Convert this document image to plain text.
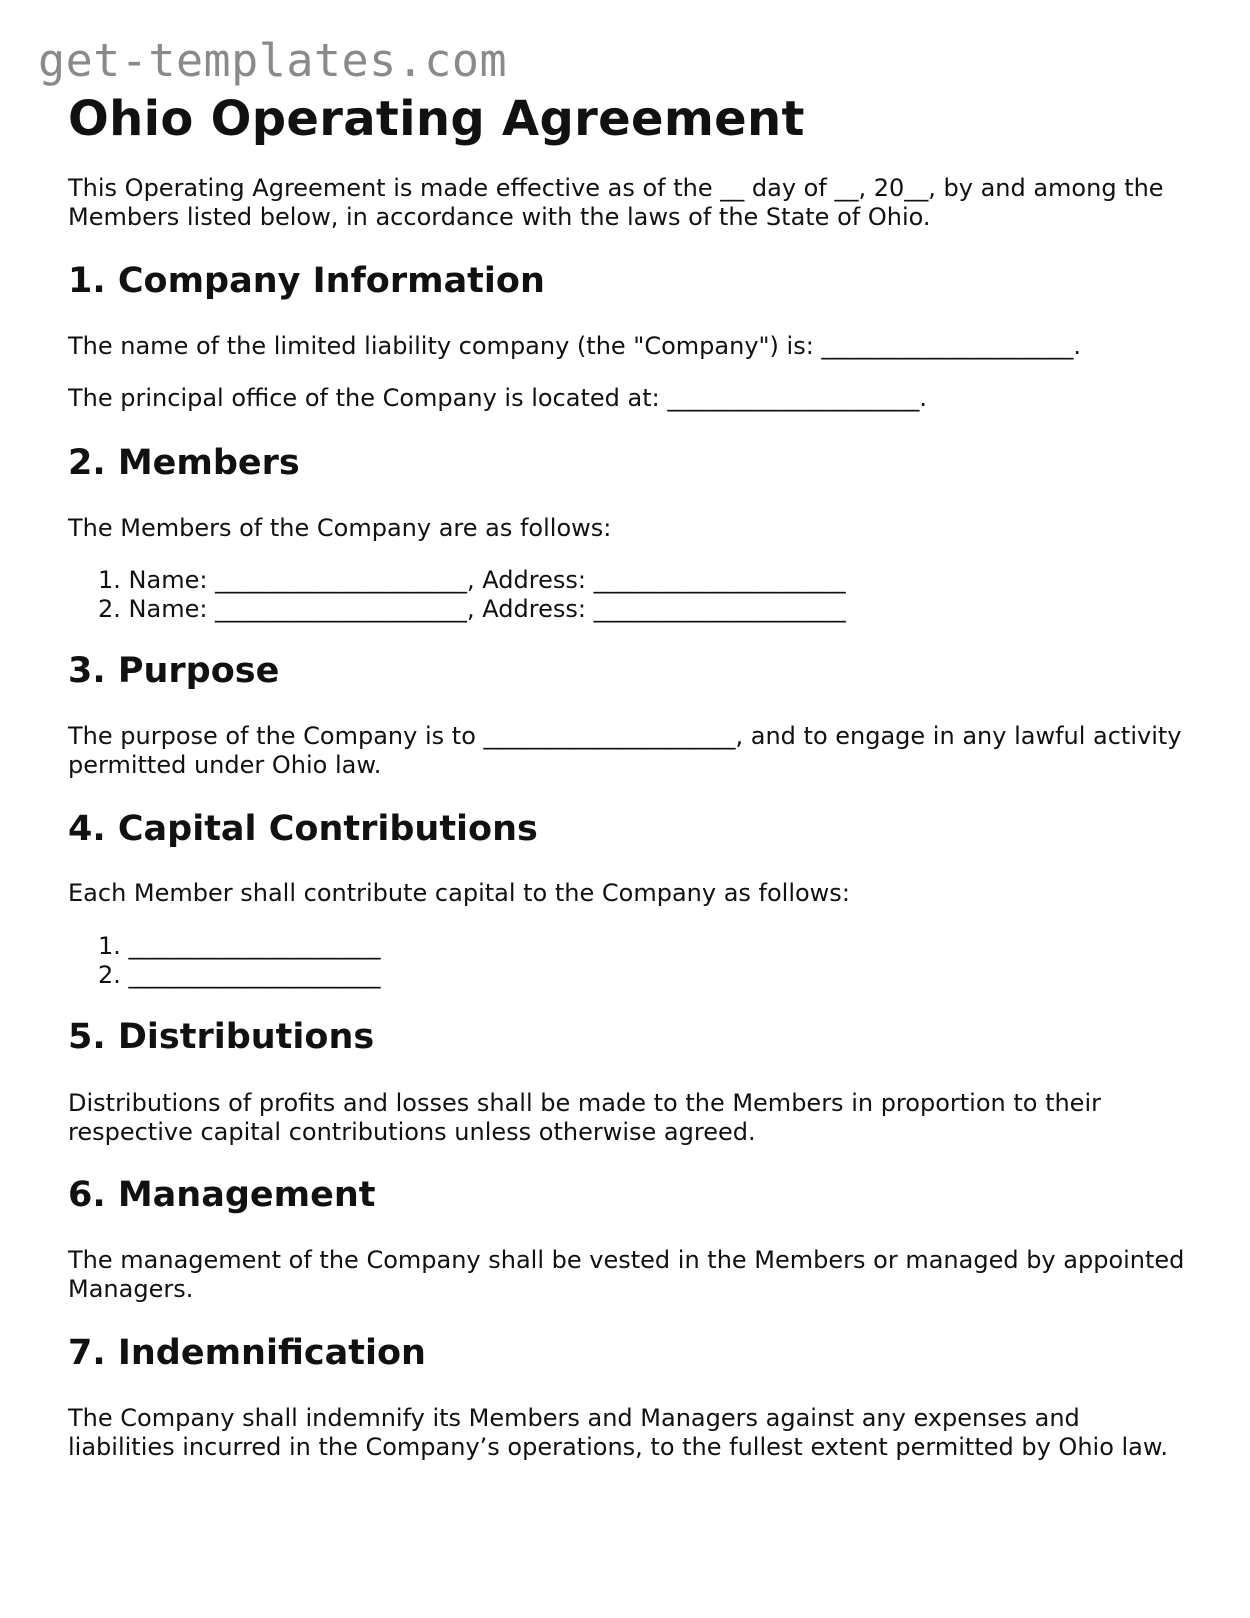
get-templates.com
Ohio Operating Agreement

This Operating Agreement is made effective as of the __ day of __, 20__, by and among the Members listed below, in accordance with the laws of the State of Ohio.

1. Company Information

The name of the limited liability company (the "Company") is: _____________________.

The principal office of the Company is located at: _____________________.

2. Members

The Members of the Company are as follows:

1. Name: _____________________, Address: _____________________
2. Name: _____________________, Address: _____________________
3. Purpose

The purpose of the Company is to _____________________, and to engage in any lawful activity permitted under Ohio law.

4. Capital Contributions

Each Member shall contribute capital to the Company as follows:

1. _____________________
2. _____________________
5. Distributions

Distributions of profits and losses shall be made to the Members in proportion to their respective capital contributions unless otherwise agreed.

6. Management

The management of the Company shall be vested in the Members or managed by appointed Managers.

7. Indemnification

The Company shall indemnify its Members and Managers against any expenses and liabilities incurred in the Company’s operations, to the fullest extent permitted by Ohio law.
